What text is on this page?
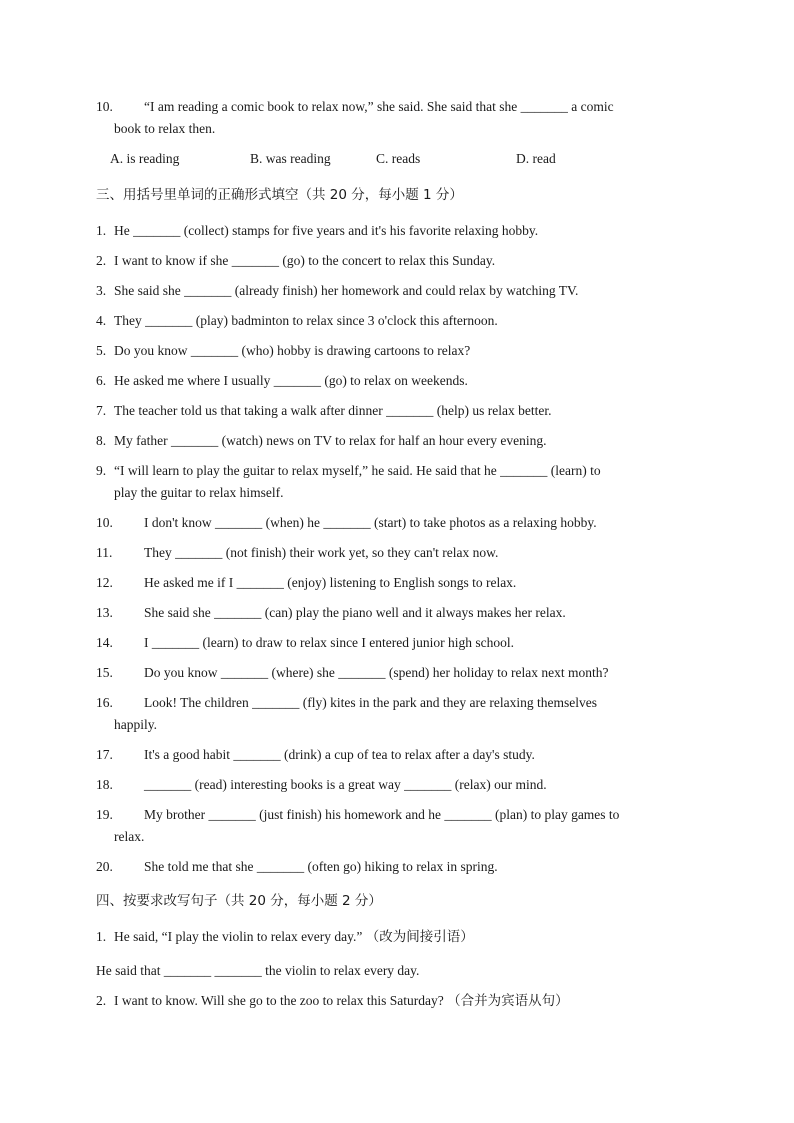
10.	“I am reading a comic book to relax now,” she said. She said that she _______ a comic
book to relax then.
A. is reading	B. was reading	C. reads	D. read
三、用括号里单词的正确形式填空（共 20 分，每小题 1 分）
1. He _______ (collect) stamps for five years and it's his favorite relaxing hobby.
2. I want to know if she _______ (go) to the concert to relax this Sunday.
3. She said she _______ (already finish) her homework and could relax by watching TV.
4. They _______ (play) badminton to relax since 3 o'clock this afternoon.
5. Do you know _______ (who) hobby is drawing cartoons to relax?
6. He asked me where I usually _______ (go) to relax on weekends.
7. The teacher told us that taking a walk after dinner _______ (help) us relax better.
8. My father _______ (watch) news on TV to relax for half an hour every evening.
9. “I will learn to play the guitar to relax myself,” he said. He said that he _______ (learn) to
play the guitar to relax himself.
10.	I don't know _______ (when) he _______ (start) to take photos as a relaxing hobby.
11.	They _______ (not finish) their work yet, so they can't relax now.
12.	He asked me if I _______ (enjoy) listening to English songs to relax.
13.	She said she _______ (can) play the piano well and it always makes her relax.
14.	I _______ (learn) to draw to relax since I entered junior high school.
15.	Do you know _______ (where) she _______ (spend) her holiday to relax next month?
16.	Look! The children _______ (fly) kites in the park and they are relaxing themselves
happily.
17.	It's a good habit _______ (drink) a cup of tea to relax after a day's study.
18.	_______ (read) interesting books is a great way _______ (relax) our mind.
19.	My brother _______ (just finish) his homework and he _______ (plan) to play games to
relax.
20.	She told me that she _______ (often go) hiking to relax in spring.
四、按要求改写句子（共 20 分，每小题 2 分）
1. He said, “I play the violin to relax every day.” （改为间接引语）
He said that _______ _______ the violin to relax every day.
2. I want to know. Will she go to the zoo to relax this Saturday? （合并为宾语从句）
